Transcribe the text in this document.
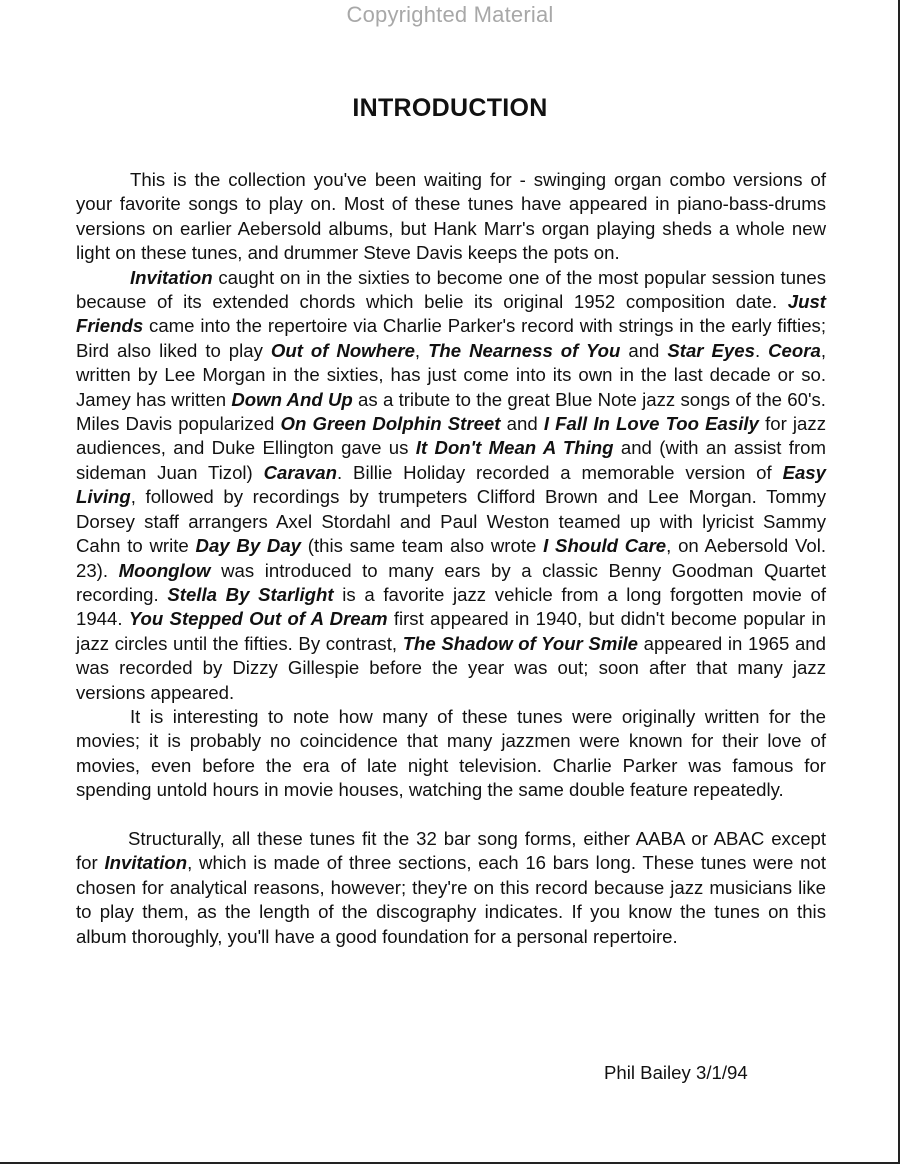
Copyrighted Material
INTRODUCTION

This is the collection you've been waiting for - swinging organ combo versions of your favorite songs to play on. Most of these tunes have appeared in piano-bass-drums versions on earlier Aebersold albums, but Hank Marr's organ playing sheds a whole new light on these tunes, and drummer Steve Davis keeps the pots on.

Invitation caught on in the sixties to become one of the most popular session tunes because of its extended chords which belie its original 1952 composition date. Just Friends came into the repertoire via Charlie Parker's record with strings in the early fifties; Bird also liked to play Out of Nowhere, The Nearness of You and Star Eyes. Ceora, written by Lee Morgan in the sixties, has just come into its own in the last decade or so. Jamey has written Down And Up as a tribute to the great Blue Note jazz songs of the 60's. Miles Davis popularized On Green Dolphin Street and I Fall In Love Too Easily for jazz audiences, and Duke Ellington gave us It Don't Mean A Thing and (with an assist from sideman Juan Tizol) Caravan. Billie Holiday recorded a memorable version of Easy Living, followed by recordings by trumpeters Clifford Brown and Lee Morgan. Tommy Dorsey staff arrangers Axel Stordahl and Paul Weston teamed up with lyricist Sammy Cahn to write Day By Day (this same team also wrote I Should Care, on Aebersold Vol. 23). Moonglow was introduced to many ears by a classic Benny Goodman Quartet recording. Stella By Starlight is a favorite jazz vehicle from a long forgotten movie of 1944. You Stepped Out of A Dream first appeared in 1940, but didn't become popular in jazz circles until the fifties. By contrast, The Shadow of Your Smile appeared in 1965 and was recorded by Dizzy Gillespie before the year was out; soon after that many jazz versions appeared.

It is interesting to note how many of these tunes were originally written for the movies; it is probably no coincidence that many jazzmen were known for their love of movies, even before the era of late night television. Charlie Parker was famous for spending untold hours in movie houses, watching the same double feature repeatedly.

Structurally, all these tunes fit the 32 bar song forms, either AABA or ABAC except for Invitation, which is made of three sections, each 16 bars long. These tunes were not chosen for analytical reasons, however; they're on this record because jazz musicians like to play them, as the length of the discography indicates. If you know the tunes on this album thoroughly, you'll have a good foundation for a personal repertoire.

Phil Bailey 3/1/94
